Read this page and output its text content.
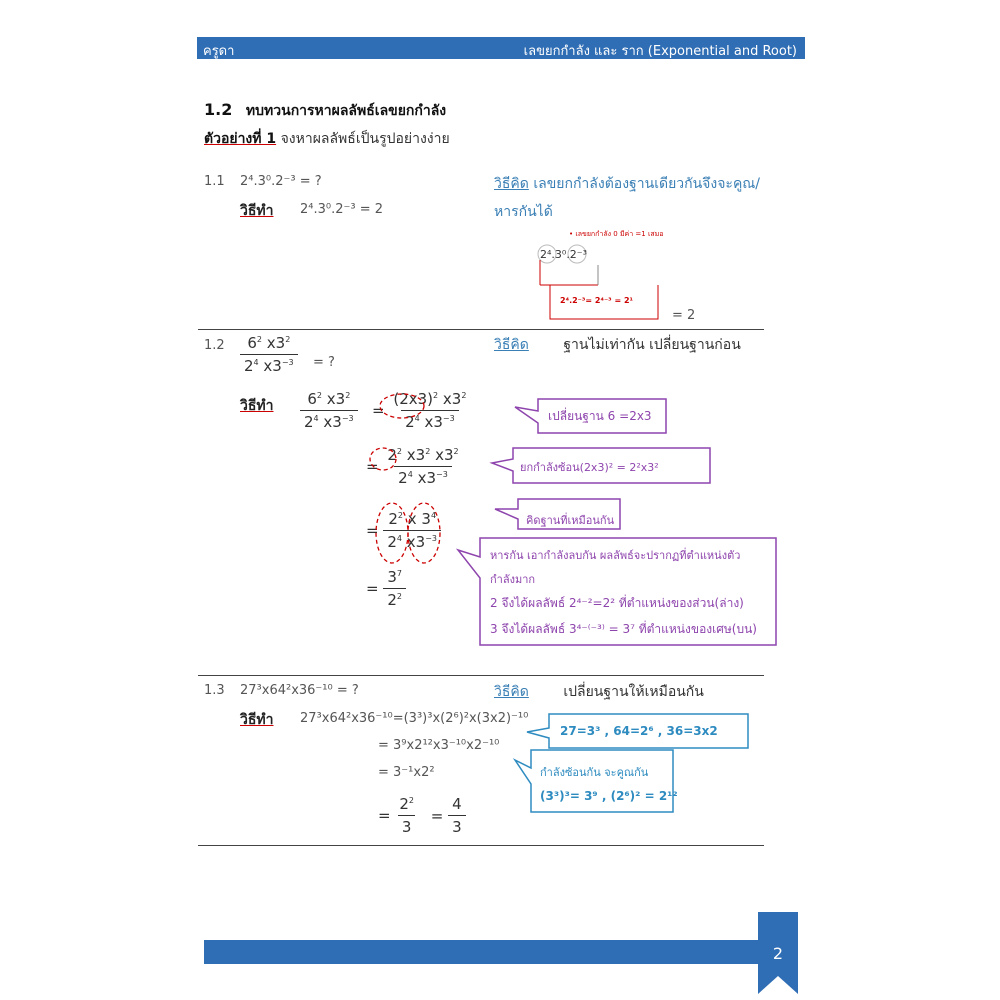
ครูดา	เลขยกกำลัง และ ราก (Exponential and Root)
1.2 ทบทวนการหาผลลัพธ์เลขยกกำลัง
ตัวอย่างที่ 1 จงหาผลลัพธ์เป็นรูปอย่างง่าย
1.1 2⁴.3⁰.2⁻³ = ?
วิธีทำ 2⁴.3⁰.2⁻³ = 2
วิธีคิด เลขยกกำลังต้องฐานเดียวกันจึงจะคูณ/
หารกันได้
• เลขยกกำลัง 0 มีค่า =1 เสมอ
2⁴.3⁰.2⁻³
2⁴.2⁻³= 2⁴⁻³ = 2¹
= 2
$1.2 \frac{6^2 x3^2}{2^4 x3^{-3}}$ = ?
วิธีทำ $\frac{6^2 x3^2}{2^4 x3^{-3}} = \frac{(2x3)^2 x3^2}{2^4 x3^{-3}}$
= $\frac{2^2 x3^2 x3^2}{2^4 x3^{-3}}$
= $\frac{2^2 x 3^4}{2^4 x3^{-3}}$
= $\frac{3^7}{2^2}$
วิธีคิด ฐานไม่เท่ากัน เปลี่ยนฐานก่อน
เปลี่ยนฐาน 6 =2x3
ยกกำลังซ้อน(2x3)² = 2²x3²
คิดฐานที่เหมือนกัน
หารกัน เอากำลังลบกัน ผลลัพธ์จะปรากฏที่ตำแหน่งตัว
กำลังมาก
2 จึงได้ผลลัพธ์ 2⁴⁻²=2² ที่ตำแหน่งของส่วน(ล่าง)
3 จึงได้ผลลัพธ์ 3⁴⁻⁽⁻³⁾ = 3⁷ ที่ตำแหน่งของเศษ(บน)
1.3 27³x64²x36⁻¹⁰ = ?	วิธีคิด เปลี่ยนฐานให้เหมือนกัน
วิธีทำ 27³x64²x36⁻¹⁰=(3³)³x(2⁶)²x(3x2)⁻¹⁰
= 3⁹x2¹²x3⁻¹⁰x2⁻¹⁰
= 3⁻¹x2²
= $\frac{2^2}{3} = \frac{4}{3}$
27=3³ , 64=2⁶ , 36=3x2
กำลังซ้อนกัน จะคูณกัน
(3³)³= 3⁹ , (2⁶)² = 2¹²
2
